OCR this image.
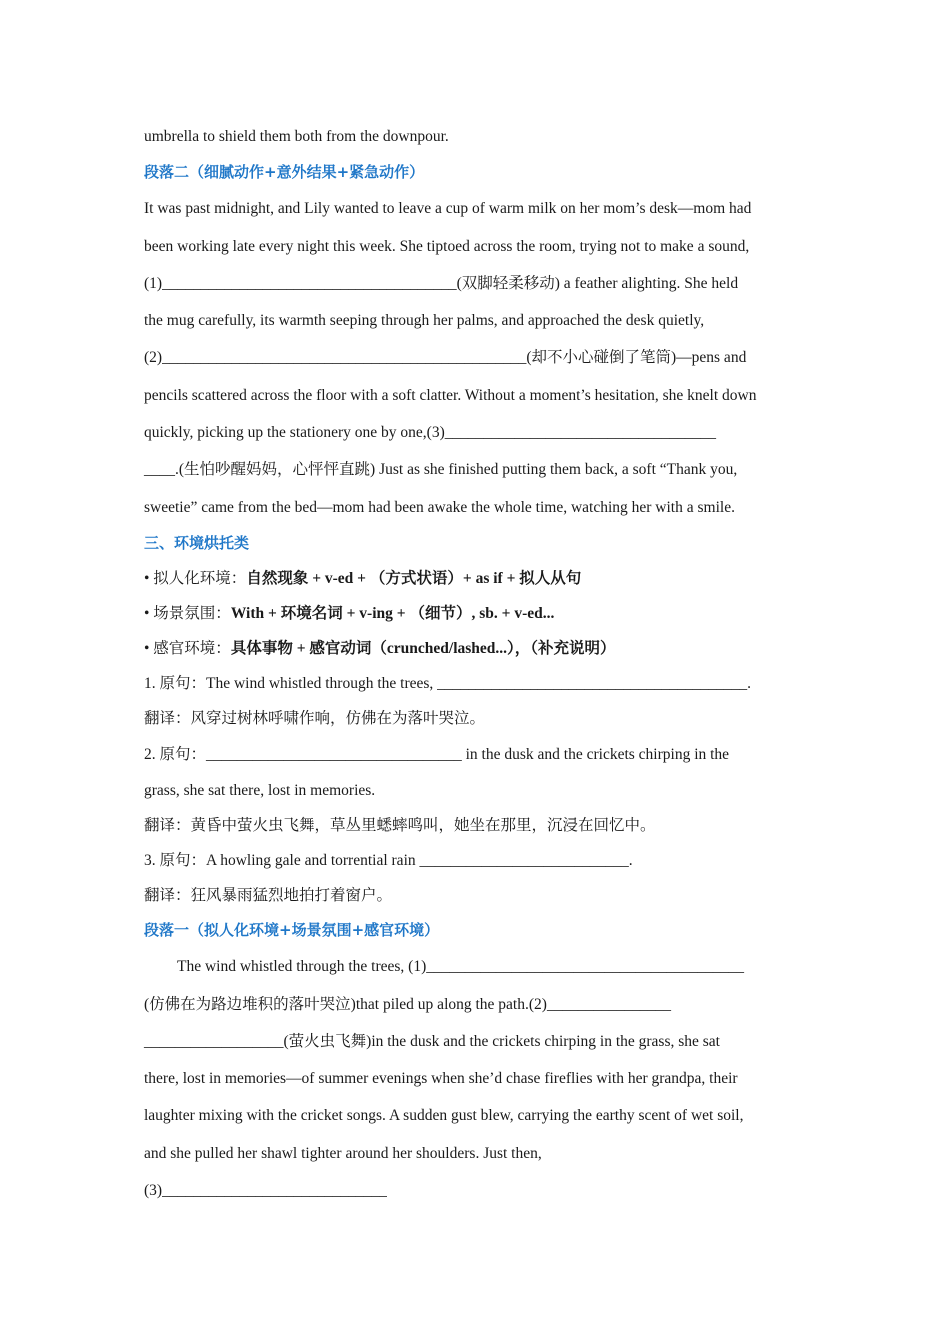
umbrella to shield them both from the downpour.
段落二（细腻动作+意外结果+紧急动作）
It was past midnight, and Lily wanted to leave a cup of warm milk on her mom’s desk—mom had
been working late every night this week. She tiptoed across the room, trying not to make a sound,
(1)______________________________________(双脚轻柔移动) a feather alighting. She held
the mug carefully, its warmth seeping through her palms, and approached the desk quietly,
(2)_______________________________________________(却不小心碰倒了笔筒)—pens and
pencils scattered across the floor with a soft clatter. Without a moment’s hesitation, she knelt down
quickly, picking up the stationery one by one,(3)___________________________________
____.(生怕吵醒妈妈，心怦怦直跳) Just as she finished putting them back, a soft “Thank you,
sweetie” came from the bed—mom had been awake the whole time, watching her with a smile.
三、环境烘托类
• 拟人化环境：自然现象 + v-ed + （方式状语）+ as if + 拟人从句
• 场景氛围：With + 环境名词 + v-ing + （细节）, sb. + v-ed...
• 感官环境：具体事物 + 感官动词（crunched/lashed...），（补充说明）
1. 原句：The wind whistled through the trees, ________________________________________.
翻译：风穿过树林呼啸作响，仿佛在为落叶哭泣。
2. 原句：_________________________________ in the dusk and the crickets chirping in the
grass, she sat there, lost in memories.
翻译：黄昏中萤火虫飞舞，草丛里蟋蟀鸣叫，她坐在那里，沉浸在回忆中。
3. 原句：A howling gale and torrential rain ___________________________.
翻译：狂风暴雨猛烈地拍打着窗户。
段落一（拟人化环境+场景氛围+感官环境）
The wind whistled through the trees, (1)_________________________________________
(仿佛在为路边堆积的落叶哭泣)that piled up along the path.(2)________________
__________________(萤火虫飞舞)in the dusk and the crickets chirping in the grass, she sat
there, lost in memories—of summer evenings when she’d chase fireflies with her grandpa, their
laughter mixing with the cricket songs. A sudden gust blew, carrying the earthy scent of wet soil,
and she pulled her shawl tighter around her shoulders. Just then,
(3)_____________________________
